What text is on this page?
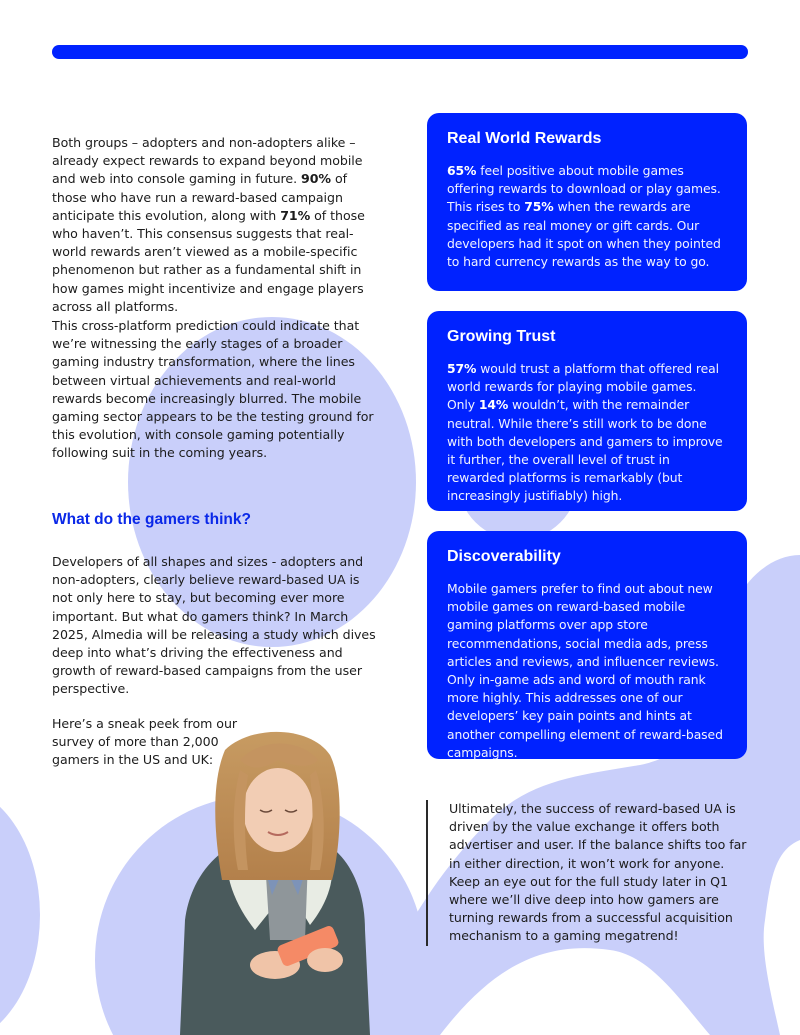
Both groups – adopters and non-adopters alike – already expect rewards to expand beyond mobile and web into console gaming in future. 90% of those who have run a reward-based campaign anticipate this evolution, along with 71% of those who haven’t. This consensus suggests that real-world rewards aren’t viewed as a mobile-specific phenomenon but rather as a fundamental shift in how games might incentivize and engage players across all platforms.
This cross-platform prediction could indicate that we’re witnessing the early stages of a broader gaming industry transformation, where the lines between virtual achievements and real-world rewards become increasingly blurred. The mobile gaming sector appears to be the testing ground for this evolution, with console gaming potentially following suit in the coming years.
What do the gamers think?
Developers of all shapes and sizes - adopters and non-adopters, clearly believe reward-based UA is not only here to stay, but becoming ever more important. But what do gamers think? In March 2025, Almedia will be releasing a study which dives deep into what’s driving the effectiveness and growth of reward-based campaigns from the user perspective.
Here’s a sneak peek from our survey of more than 2,000 gamers in the US and UK:
Real World Rewards

65% feel positive about mobile games offering rewards to download or play games. This rises to 75% when the rewards are specified as real money or gift cards. Our developers had it spot on when they pointed to hard currency rewards as the way to go.

Growing Trust

57% would trust a platform that offered real world rewards for playing mobile games. Only 14% wouldn’t, with the remainder neutral. While there’s still work to be done with both developers and gamers to improve it further, the overall level of trust in rewarded platforms is remarkably (but increasingly justifiably) high.

Discoverability

Mobile gamers prefer to find out about new mobile games on reward-based mobile gaming platforms over app store recommendations, social media ads, press articles and reviews, and influencer reviews. Only in-game ads and word of mouth rank more highly. This addresses one of our developers’ key pain points and hints at another compelling element of reward-based campaigns.

Ultimately, the success of reward-based UA is driven by the value exchange it offers both advertiser and user. If the balance shifts too far in either direction, it won’t work for anyone. Keep an eye out for the full study later in Q1 where we’ll dive deep into how gamers are turning rewards from a successful acquisition mechanism to a gaming megatrend!
